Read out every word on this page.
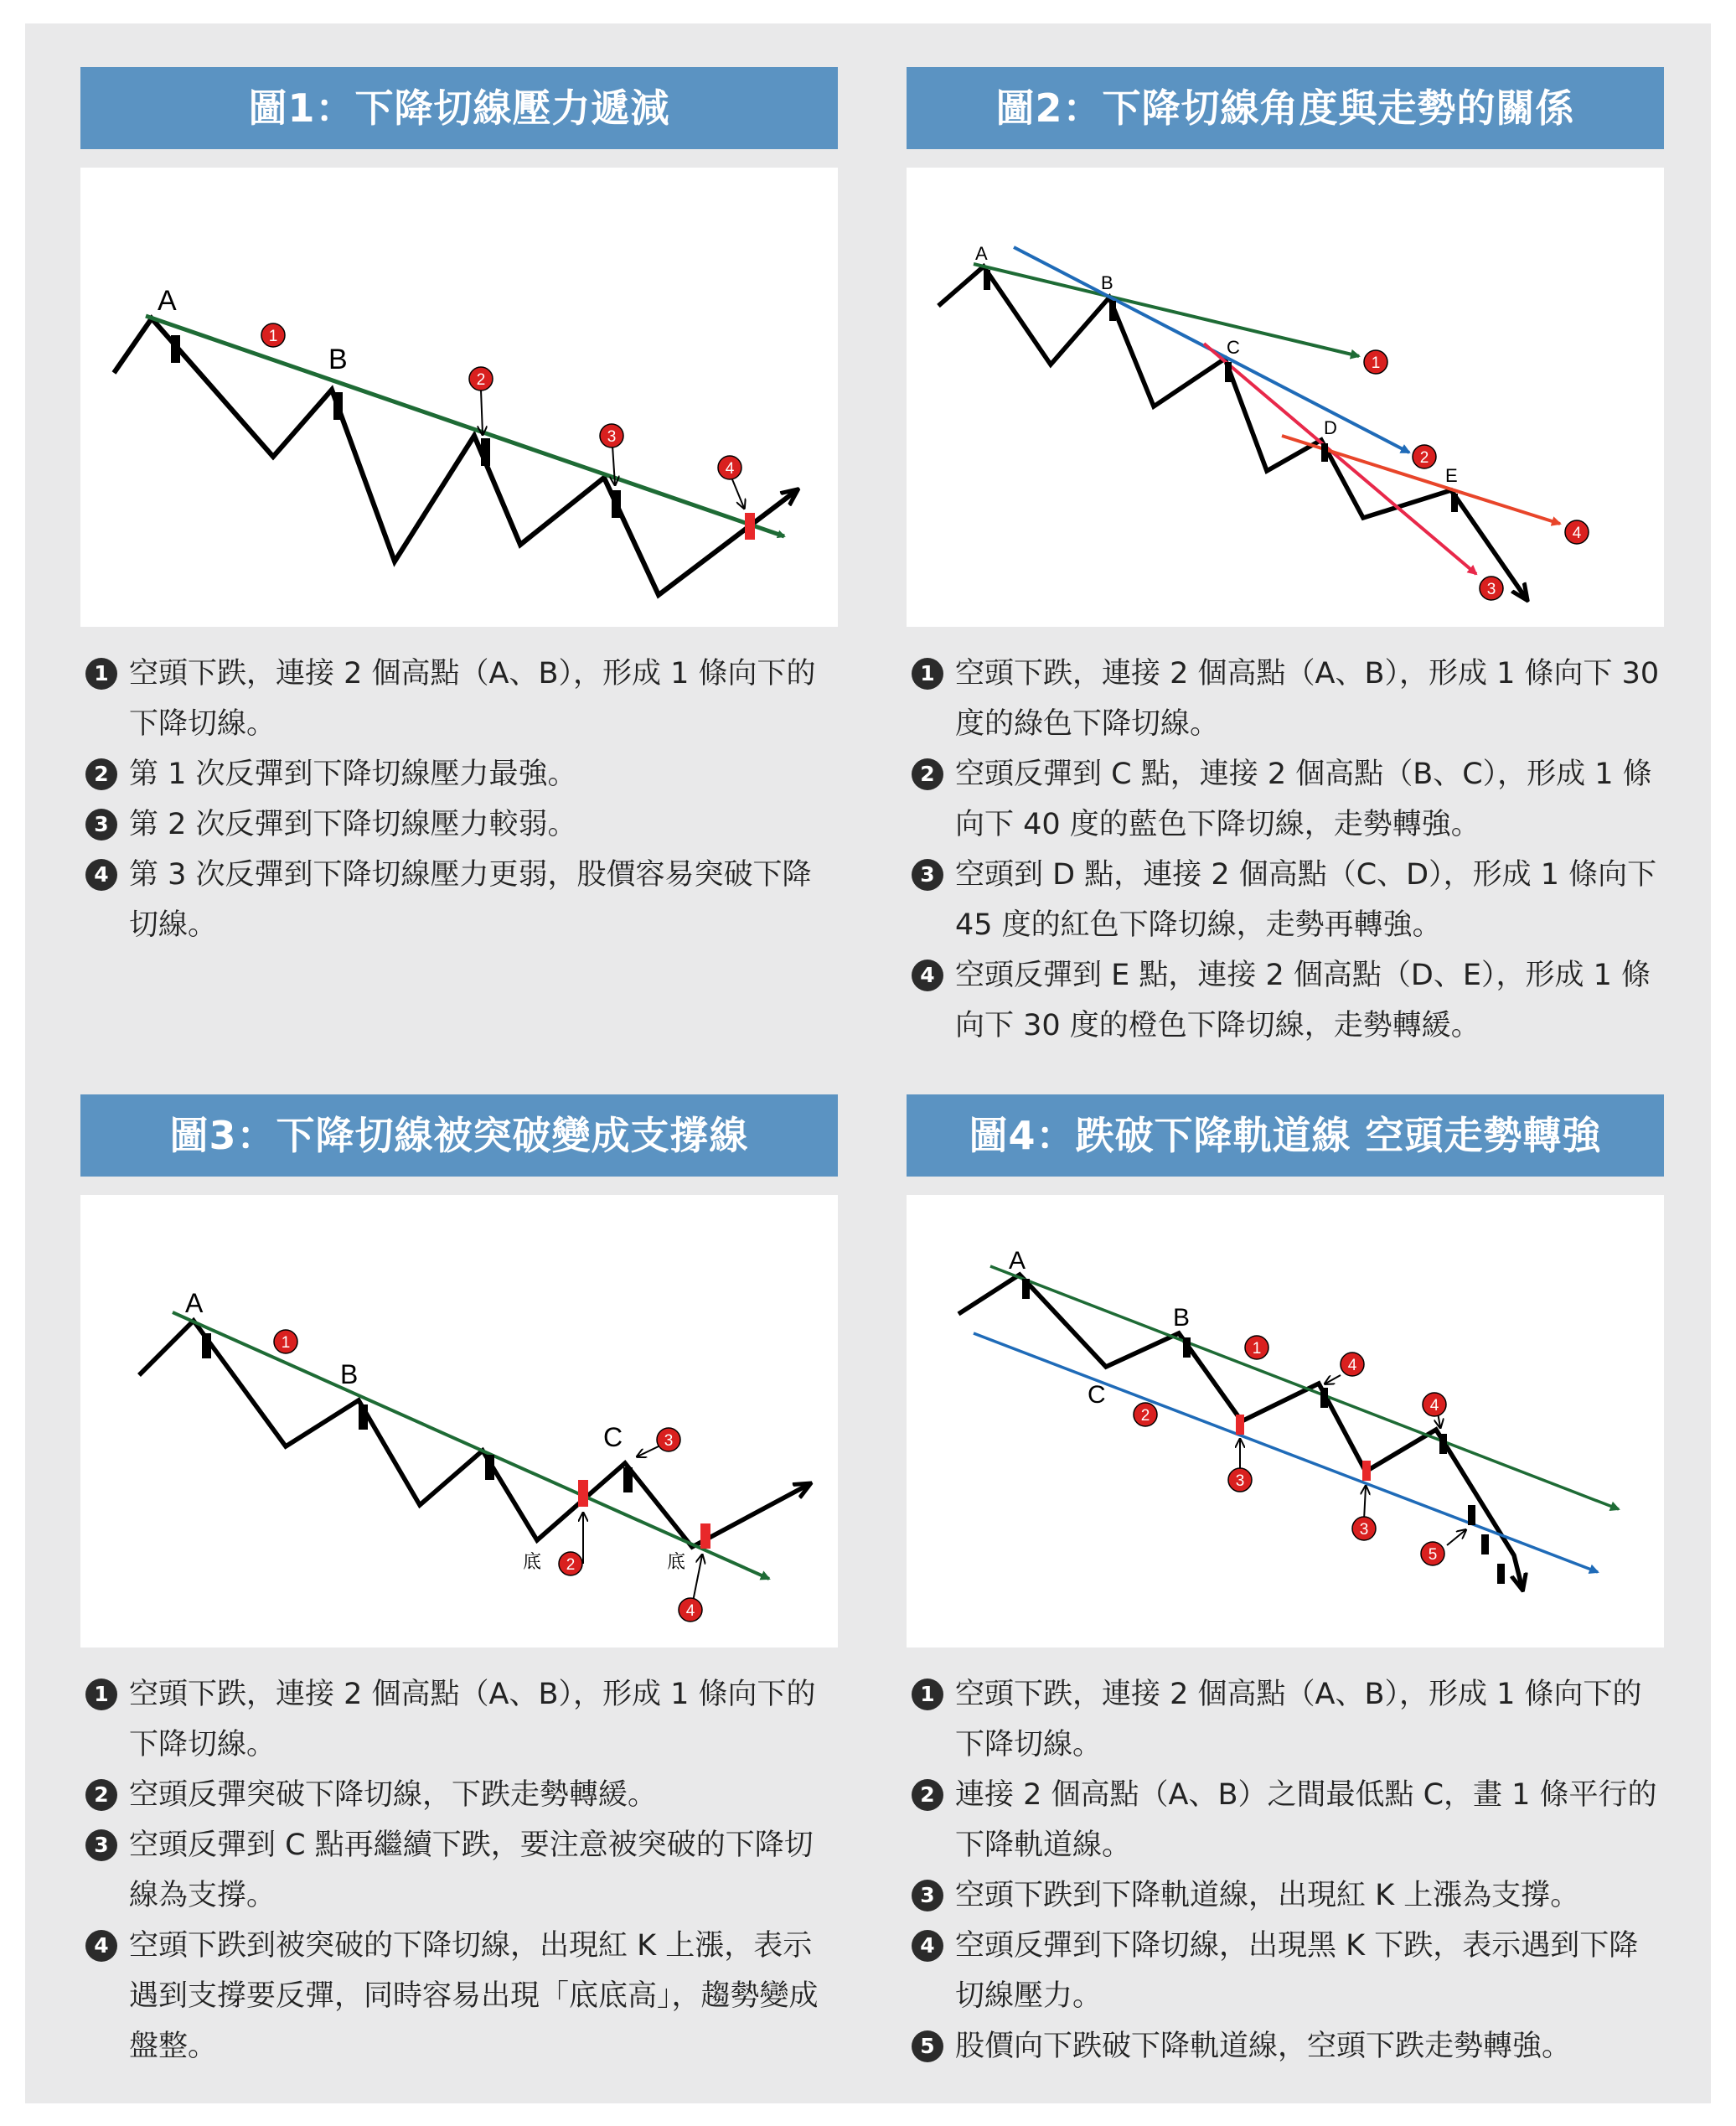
圖1：下降切線壓力遞減
A
B
1
2
3
4
1 空頭下跌，連接 2 個高點（A、B），形成 1 條向下的下降切線。
2 第 1 次反彈到下降切線壓力最強。
3 第 2 次反彈到下降切線壓力較弱。
4 第 3 次反彈到下降切線壓力更弱，股價容易突破下降切線。
圖2：下降切線角度與走勢的關係
A
B
C
D
E
1
2
3
4
1 空頭下跌，連接 2 個高點（A、B），形成 1 條向下 30 度的綠色下降切線。
2 空頭反彈到 C 點，連接 2 個高點（B、C），形成 1 條向下 40 度的藍色下降切線，走勢轉強。
3 空頭到 D 點，連接 2 個高點（C、D），形成 1 條向下 45 度的紅色下降切線，走勢再轉強。
4 空頭反彈到 E 點，連接 2 個高點（D、E），形成 1 條向下 30 度的橙色下降切線，走勢轉緩。
圖3：下降切線被突破變成支撐線
A
B
C
底	底
1
2
3
4
1 空頭下跌，連接 2 個高點（A、B），形成 1 條向下的下降切線。
2 空頭反彈突破下降切線，下跌走勢轉緩。
3 空頭反彈到 C 點再繼續下跌，要注意被突破的下降切線為支撐。
4 空頭下跌到被突破的下降切線，出現紅 K 上漲，表示遇到支撐要反彈，同時容易出現「底底高」，趨勢變成盤整。
圖4：跌破下降軌道線 空頭走勢轉強
A
B
C
1
2
3
4
3
4
5
1 空頭下跌，連接 2 個高點（A、B），形成 1 條向下的下降切線。
2 連接 2 個高點（A、B）之間最低點 C，畫 1 條平行的下降軌道線。
3 空頭下跌到下降軌道線，出現紅 K 上漲為支撐。
4 空頭反彈到下降切線，出現黑 K 下跌，表示遇到下降切線壓力。
5 股價向下跌破下降軌道線，空頭下跌走勢轉強。
